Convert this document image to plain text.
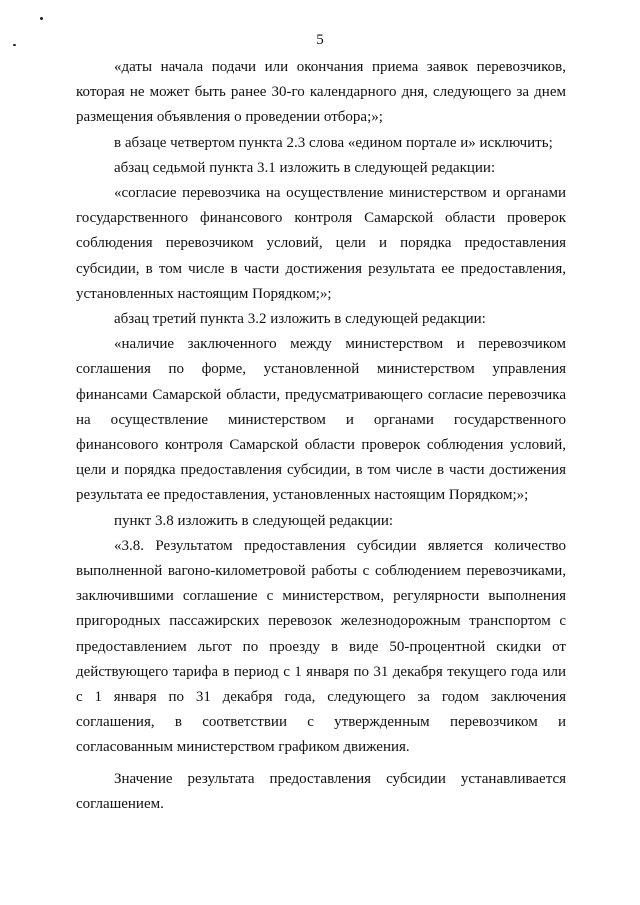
5

«даты начала подачи или окончания приема заявок перевозчиков, которая не может быть ранее 30-го календарного дня, следующего за днем размещения объявления о проведении отбора;»;

в абзаце четвертом пункта 2.3 слова «едином портале и» исключить;

абзац седьмой пункта 3.1 изложить в следующей редакции:

«согласие перевозчика на осуществление министерством и органами государственного финансового контроля Самарской области проверок соблюдения перевозчиком условий, цели и порядка предоставления субсидии, в том числе в части достижения результата ее предоставления, установленных настоящим Порядком;»;

абзац третий пункта 3.2 изложить в следующей редакции:

«наличие заключенного между министерством и перевозчиком соглашения по форме, установленной министерством управления финансами Самарской области, предусматривающего согласие перевозчика на осуществление министерством и органами государственного финансового контроля Самарской области проверок соблюдения условий, цели и порядка предоставления субсидии, в том числе в части достижения результата ее предоставления, установленных настоящим Порядком;»;

пункт 3.8 изложить в следующей редакции:

«3.8. Результатом предоставления субсидии является количество выполненной вагоно-километровой работы с соблюдением перевозчиками, заключившими соглашение с министерством, регулярности выполнения пригородных пассажирских перевозок железнодорожным транспортом с предоставлением льгот по проезду в виде 50-процентной скидки от действующего тарифа в период с 1 января по 31 декабря текущего года или с 1 января по 31 декабря года, следующего за годом заключения соглашения, в соответствии с утвержденным перевозчиком и согласованным министерством графиком движения.

Значение результата предоставления субсидии устанавливается соглашением.
